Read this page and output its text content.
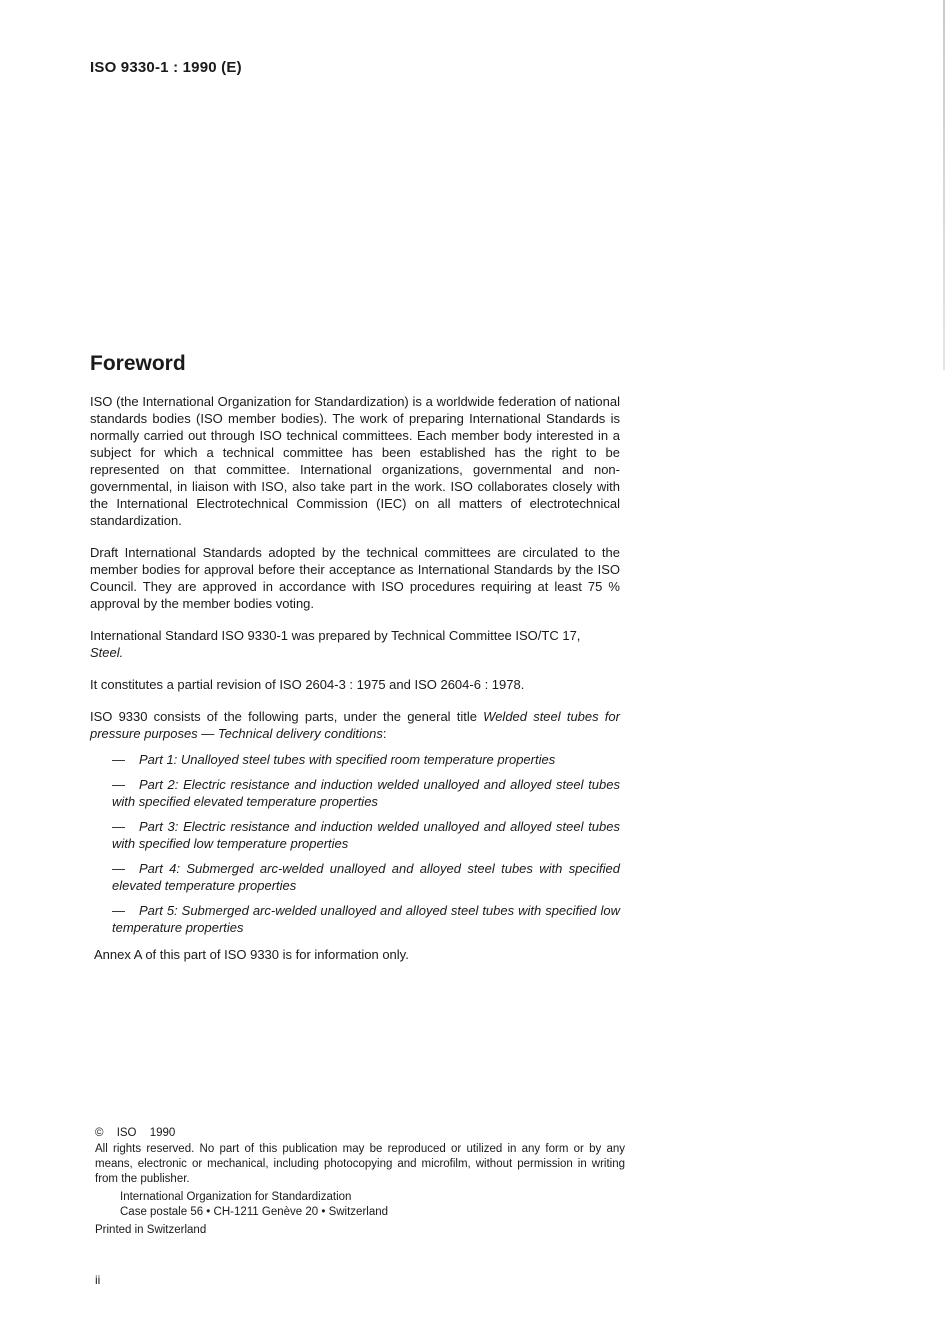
ISO 9330-1 : 1990 (E)
Foreword

ISO (the International Organization for Standardization) is a worldwide federation of national standards bodies (ISO member bodies). The work of preparing International Standards is normally carried out through ISO technical committees. Each member body interested in a subject for which a technical committee has been established has the right to be represented on that committee. International organizations, governmental and non-governmental, in liaison with ISO, also take part in the work. ISO collaborates closely with the International Electrotechnical Commission (IEC) on all matters of electrotechnical standardization.

Draft International Standards adopted by the technical committees are circulated to the member bodies for approval before their acceptance as International Standards by the ISO Council. They are approved in accordance with ISO procedures requiring at least 75 % approval by the member bodies voting.

International Standard ISO 9330-1 was prepared by Technical Committee ISO/TC 17,
Steel.

It constitutes a partial revision of ISO 2604-3 : 1975 and ISO 2604-6 : 1978.

ISO 9330 consists of the following parts, under the general title Welded steel tubes for pressure purposes — Technical delivery conditions:

— Part 1: Unalloyed steel tubes with specified room temperature properties
— Part 2: Electric resistance and induction welded unalloyed and alloyed steel tubes with specified elevated temperature properties
— Part 3: Electric resistance and induction welded unalloyed and alloyed steel tubes with specified low temperature properties
— Part 4: Submerged arc-welded unalloyed and alloyed steel tubes with specified elevated temperature properties
— Part 5: Submerged arc-welded unalloyed and alloyed steel tubes with specified low temperature properties

Annex A of this part of ISO 9330 is for information only.

© ISO 1990
All rights reserved. No part of this publication may be reproduced or utilized in any form or by any means, electronic or mechanical, including photocopying and microfilm, without permission in writing from the publisher.
International Organization for Standardization
Case postale 56 • CH-1211 Genève 20 • Switzerland
Printed in Switzerland
ii
